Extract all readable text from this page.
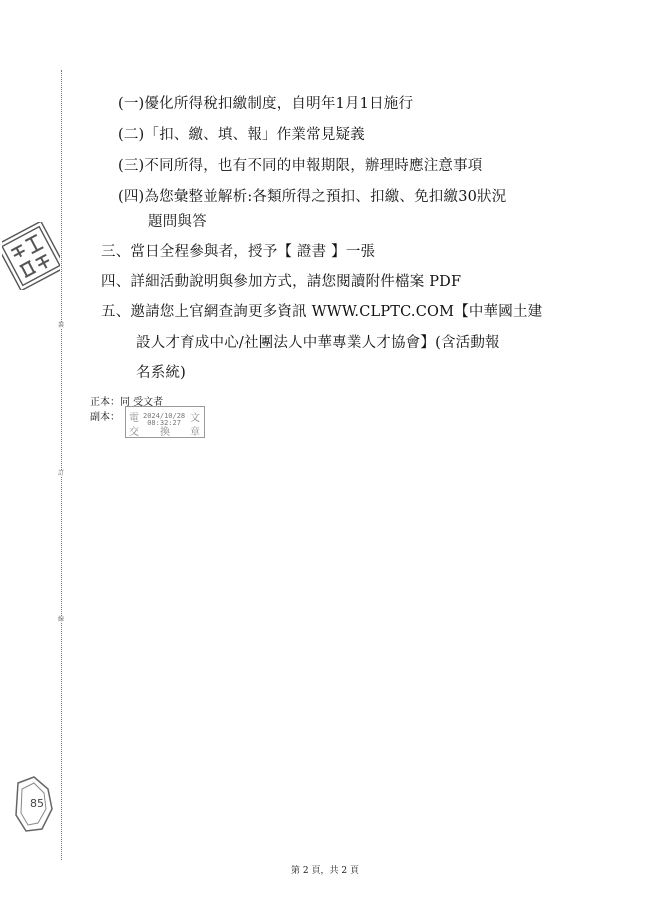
裝
訂
線
(一)優化所得稅扣繳制度，自明年1月1日施行
(二)「扣、繳、填、報」作業常見疑義
(三)不同所得，也有不同的申報期限，辦理時應注意事項
(四)為您彙整並解析:各類所得之預扣、扣繳、免扣繳30狀況
題問與答
三、當日全程參與者，授予【 證書 】一張
四、詳細活動說明與參加方式，請您閱讀附件檔案 PDF
五、邀請您上官網查詢更多資訊 WWW.CLPTC.COM【中華國土建
設人才育成中心/社團法人中華專業人才協會】(含活動報
名系統)
正本：同 受文者
副本： 電	文
交 換 章
2024/10/28
08:32:27
85
第 2 頁，共 2 頁
